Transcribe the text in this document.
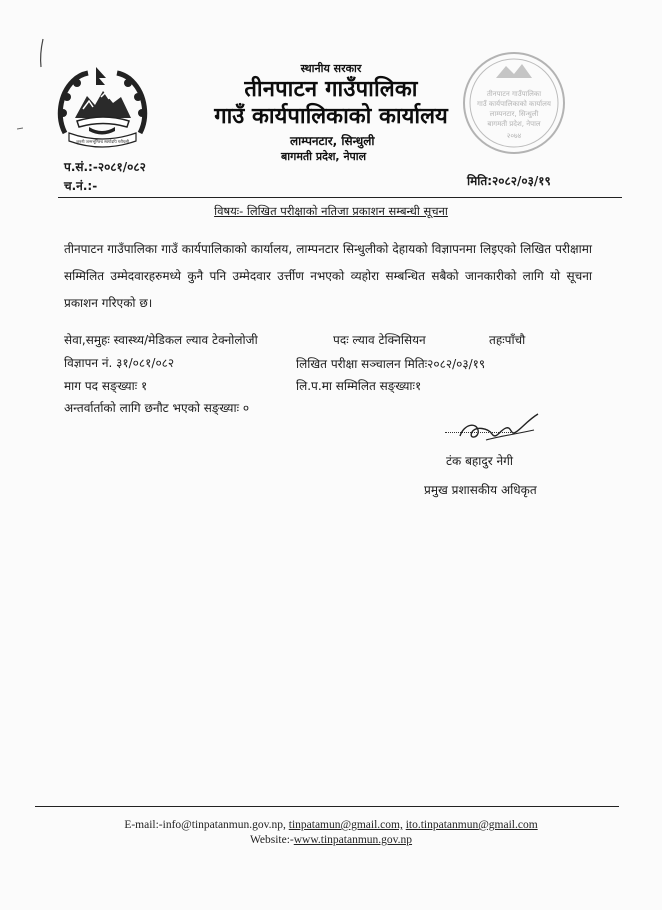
जननी जन्मभूमिश्च स्वर्गादपि गरीयसी
तीनपाटन गाउँपालिका
गाउँ कार्यपालिकाको कार्यालय
लाम्पनटार, सिन्धुली
बागमती प्रदेश, नेपाल
२०७४
स्थानीय सरकार
तीनपाटन गाउँपालिका
गाउँ कार्यपालिकाको कार्यालय
लाम्पनटार, सिन्धुली
बागमती प्रदेश, नेपाल
प.सं.:-२०८१/०८२
च.नं.:-	मिति:२०८२/०३/१९
विषयः- लिखित परीक्षाको नतिजा प्रकाशन सम्बन्धी सूचना
तीनपाटन गाउँपालिका गाउँ कार्यपालिकाको कार्यालय, लाम्पनटार सिन्धुलीको देहायको विज्ञापनमा लिइएको लिखित परीक्षामा सम्मिलित उम्मेदवारहरुमध्ये कुनै पनि उम्मेदवार उर्त्तीण नभएको व्यहोरा सम्बन्धित सबैको जानकारीको लागि यो सूचना प्रकाशन गरिएको छ।
सेवा,समुहः स्वास्थ्य/मेडिकल ल्याव टेक्नोलोजी	पदः ल्याव टेक्निसियन	तहःपाँचौ
विज्ञापन नं. ३१/०८१/०८२	लिखित परीक्षा सञ्चालन मितिः२०८२/०३/१९
माग पद सङ्ख्याः १	लि.प.मा सम्मिलित सङ्ख्याः१
अन्तर्वार्ताको लागि छनौट भएको सङ्ख्याः ०
टंक बहादुर नेगी
प्रमुख प्रशासकीय अधिकृत
E-mail:-info@tinpatanmun.gov.np, tinpatamun@gmail.com, ito.tinpatanmun@gmail.com
Website:-www.tinpatanmun.gov.np
